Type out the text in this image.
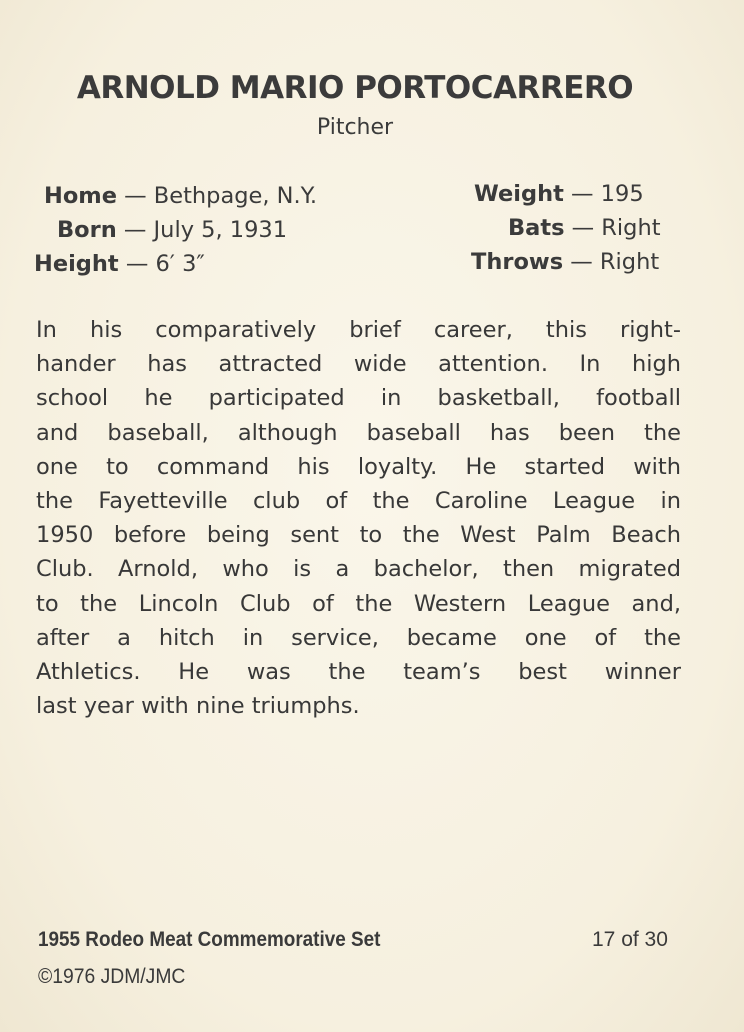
ARNOLD MARIO PORTOCARRERO
Pitcher
Home — Bethpage, N.Y.
Born — July 5, 1931
Height — 6′ 3″
Weight — 195
Bats — Right
Throws — Right
In his comparatively brief career, this right-
hander has attracted wide attention. In high
school he participated in basketball, football
and baseball, although baseball has been the
one to command his loyalty. He started with
the Fayetteville club of the Caroline League in
1950 before being sent to the West Palm Beach
Club. Arnold, who is a bachelor, then migrated
to the Lincoln Club of the Western League and,
after a hitch in service, became one of the
Athletics. He was the team’s best winner
last year with nine triumphs.
1955 Rodeo Meat Commemorative Set	17 of 30
©1976 JDM/JMC
